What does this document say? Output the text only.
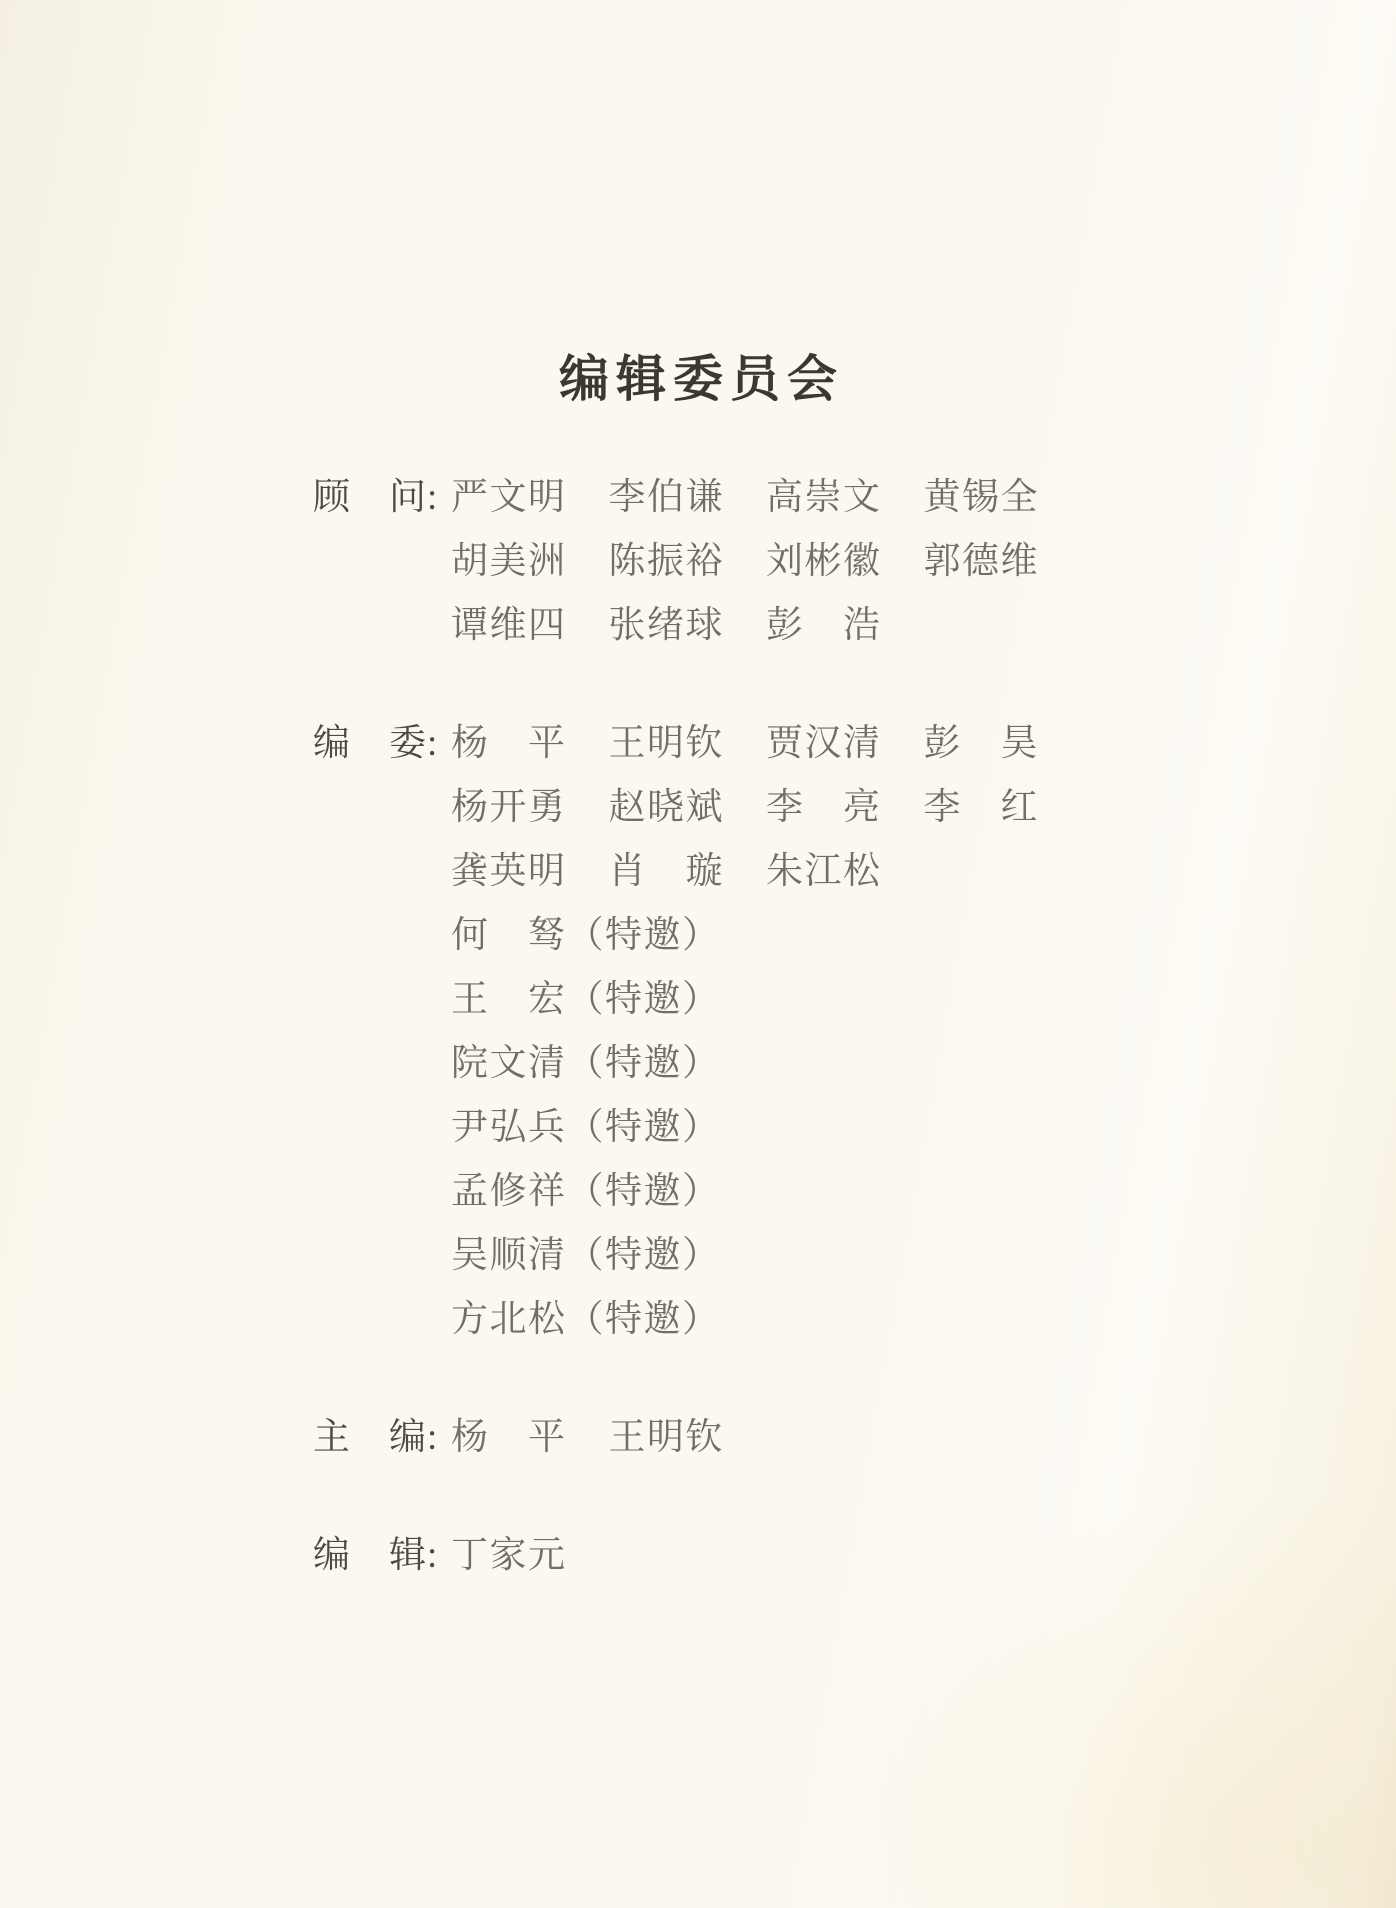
编辑委员会
顾　问: 严文明 李伯谦 高崇文 黄锡全
胡美洲 陈振裕 刘彬徽 郭德维
谭维四 张绪球 彭　浩
编　委: 杨　平 王明钦 贾汉清 彭　昊
杨开勇 赵晓斌 李　亮 李　红
龚英明 肖　璇 朱江松
何　驽（特邀）
王　宏（特邀）
院文清（特邀）
尹弘兵（特邀）
孟修祥（特邀）
吴顺清（特邀）
方北松（特邀）
主　编: 杨　平 王明钦
编　辑: 丁家元
